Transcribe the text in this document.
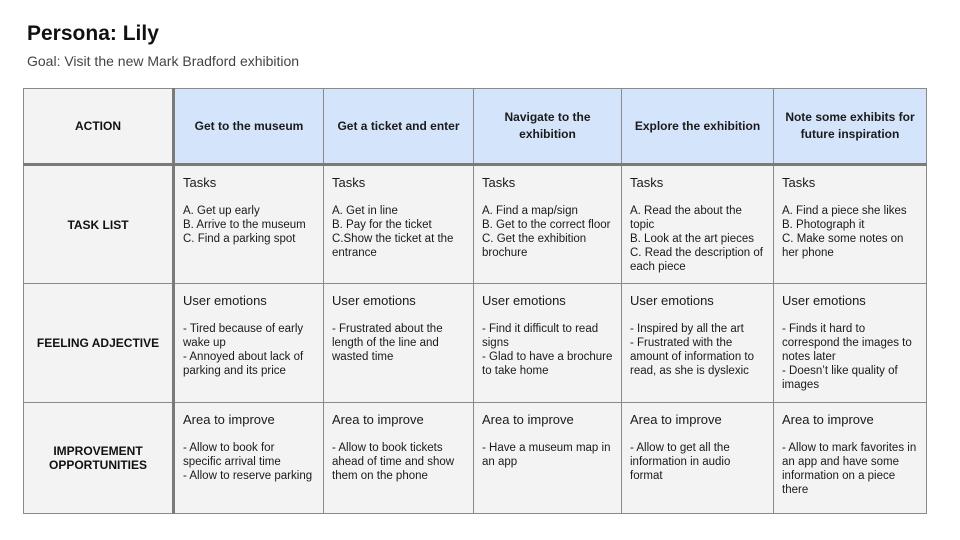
Persona: Lily
Goal: Visit the new Mark Bradford exhibition
ACTION	Get to the museum	Get a ticket and enter	Navigate to the exhibition	Explore the exhibition	Note some exhibits for future inspiration
TASK LIST	Tasks
A. Get up early
B. Arrive to the museum
C. Find a parking spot	Tasks
A. Get in line
B. Pay for the ticket
C.Show the ticket at the entrance	Tasks
A. Find a map/sign
B. Get to the correct floor
C. Get the exhibition brochure	Tasks
A. Read the about the topic
B. Look at the art pieces
C. Read the description of each piece	Tasks
A. Find a piece she likes
B. Photograph it
C. Make some notes on her phone

FEELING ADJECTIVE	User emotions
- Tired because of early wake up
- Annoyed about lack of parking and its price	User emotions
- Frustrated about the length of the line and wasted time	User emotions
- Find it difficult to read signs
- Glad to have a brochure to take home	User emotions
- Inspired by all the art
- Frustrated with the amount of information to read, as she is dyslexic	User emotions
- Finds it hard to correspond the images to notes later
- Doesn’t like quality of images

IMPROVEMENT OPPORTUNITIES	Area to improve
- Allow to book for specific arrival time
- Allow to reserve parking	Area to improve
- Allow to book tickets ahead of time and show them on the phone	Area to improve
- Have a museum map in an app	Area to improve
- Allow to get all the information in audio format	Area to improve
- Allow to mark favorites in an app and have some information on a piece there
